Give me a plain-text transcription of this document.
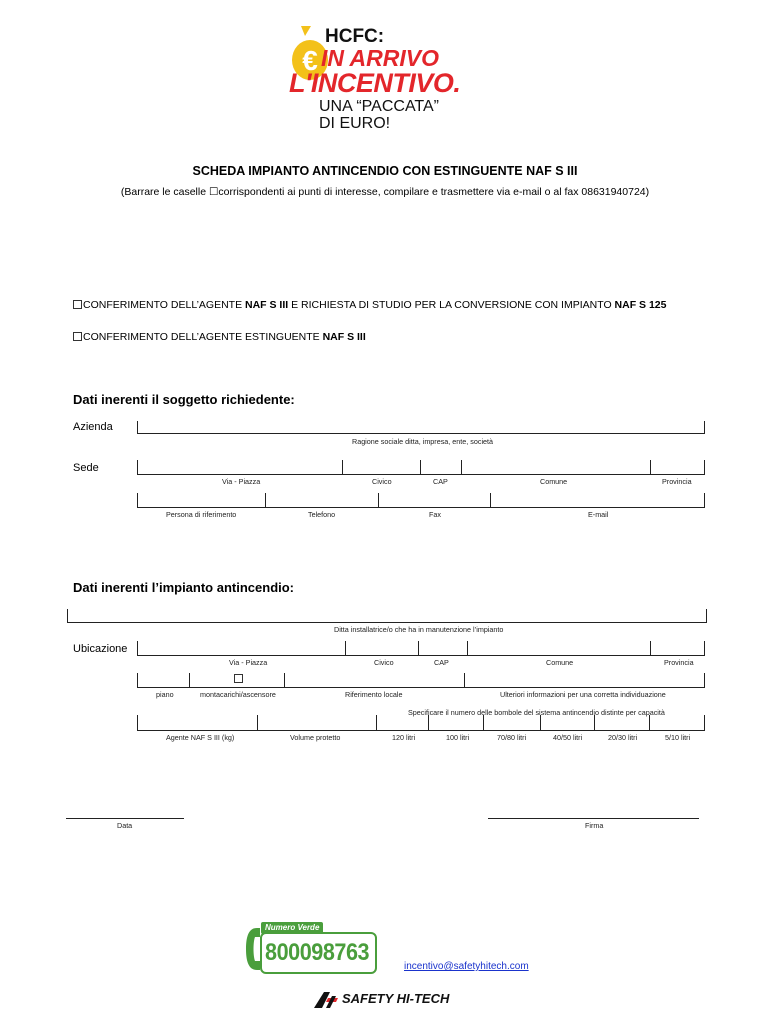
€
HCFC:
IN ARRIVO
L'INCENTIVO.
UNA “PACCATA”
DI EURO!
SCHEDA IMPIANTO ANTINCENDIO CON ESTINGUENTE NAF S III
(Barrare le caselle ☐corrispondenti ai punti di interesse, compilare e trasmettere via e-mail o al fax 08631940724)
CONFERIMENTO DELL’AGENTE NAF S III E RICHIESTA DI STUDIO PER LA CONVERSIONE CON IMPIANTO NAF S 125
CONFERIMENTO DELL’AGENTE ESTINGUENTE NAF S III
Dati inerenti il soggetto richiedente:
Azienda
Ragione sociale ditta, impresa, ente, società
Sede
Via - Piazza	Civico	CAP	Comune	Provincia
Persona di riferimento	Telefono	Fax	E-mail
Dati inerenti l’impianto antincendio:
Ditta installatrice/o che ha in manutenzione l’impianto
Ubicazione
Via - Piazza	Civico	CAP	Comune	Provincia
piano	montacarichi/ascensore	Riferimento locale	Ulteriori informazioni per una corretta individuazione
Specificare il numero delle bombole del sistema antincendio distinte per capacità
Agente NAF S III (kg)	Volume protetto	120 litri	100 litri	70/80 litri	40/50 litri	20/30 litri	5/10 litri
Data	Firma
Numero Verde
800098763
incentivo@safetyhitech.com
SAFETY HI-TECH
